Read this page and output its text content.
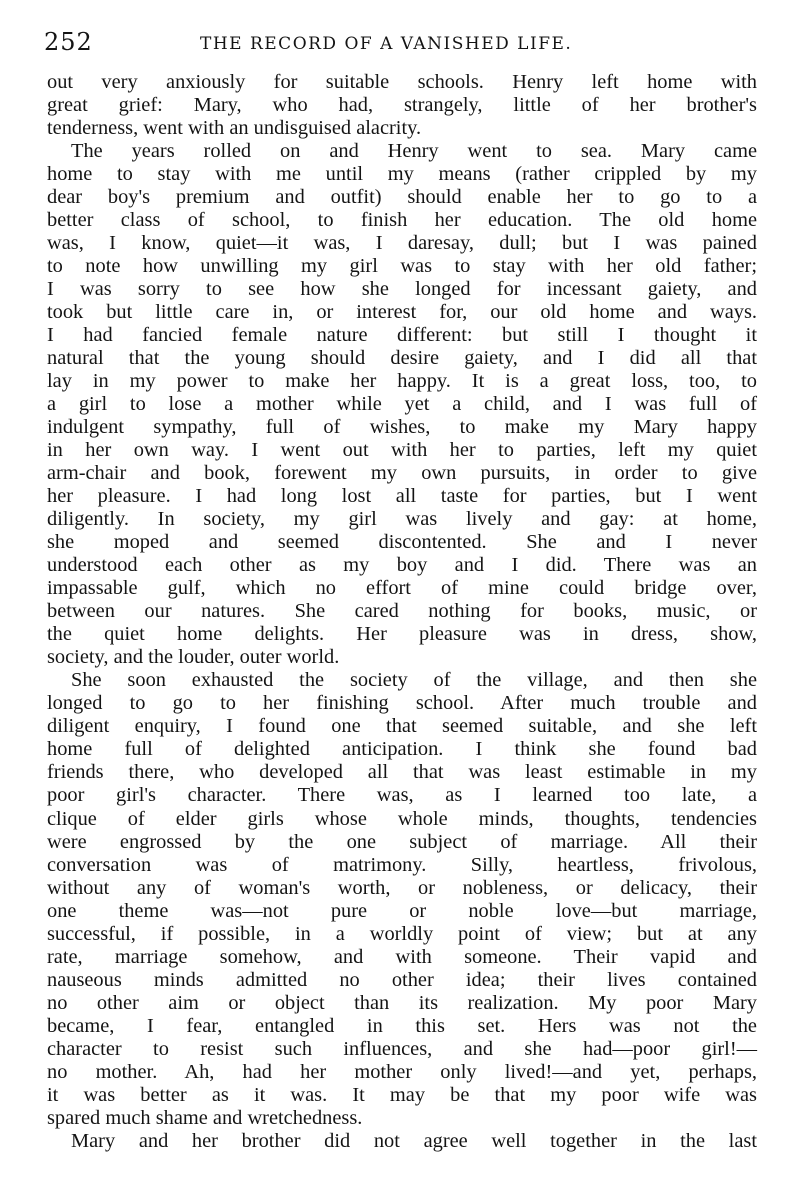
252	THE RECORD OF A VANISHED LIFE.
out very anxiously for suitable schools. Henry left home with
great grief: Mary, who had, strangely, little of her brother's
tenderness, went with an undisguised alacrity.
The years rolled on and Henry went to sea. Mary came
home to stay with me until my means (rather crippled by my
dear boy's premium and outfit) should enable her to go to a
better class of school, to finish her education. The old home
was, I know, quiet—it was, I daresay, dull; but I was pained
to note how unwilling my girl was to stay with her old father;
I was sorry to see how she longed for incessant gaiety, and
took but little care in, or interest for, our old home and ways.
I had fancied female nature different: but still I thought it
natural that the young should desire gaiety, and I did all that
lay in my power to make her happy. It is a great loss, too, to
a girl to lose a mother while yet a child, and I was full of
indulgent sympathy, full of wishes, to make my Mary happy
in her own way. I went out with her to parties, left my quiet
arm-chair and book, forewent my own pursuits, in order to give
her pleasure. I had long lost all taste for parties, but I went
diligently. In society, my girl was lively and gay: at home,
she moped and seemed discontented. She and I never
understood each other as my boy and I did. There was an
impassable gulf, which no effort of mine could bridge over,
between our natures. She cared nothing for books, music, or
the quiet home delights. Her pleasure was in dress, show,
society, and the louder, outer world.
She soon exhausted the society of the village, and then she
longed to go to her finishing school. After much trouble and
diligent enquiry, I found one that seemed suitable, and she left
home full of delighted anticipation. I think she found bad
friends there, who developed all that was least estimable in my
poor girl's character. There was, as I learned too late, a
clique of elder girls whose whole minds, thoughts, tendencies
were engrossed by the one subject of marriage. All their
conversation was of matrimony. Silly, heartless, frivolous,
without any of woman's worth, or nobleness, or delicacy, their
one theme was—not pure or noble love—but marriage,
successful, if possible, in a worldly point of view; but at any
rate, marriage somehow, and with someone. Their vapid and
nauseous minds admitted no other idea; their lives contained
no other aim or object than its realization. My poor Mary
became, I fear, entangled in this set. Hers was not the
character to resist such influences, and she had—poor girl!—
no mother. Ah, had her mother only lived!—and yet, perhaps,
it was better as it was. It may be that my poor wife was
spared much shame and wretchedness.
Mary and her brother did not agree well together in the last
